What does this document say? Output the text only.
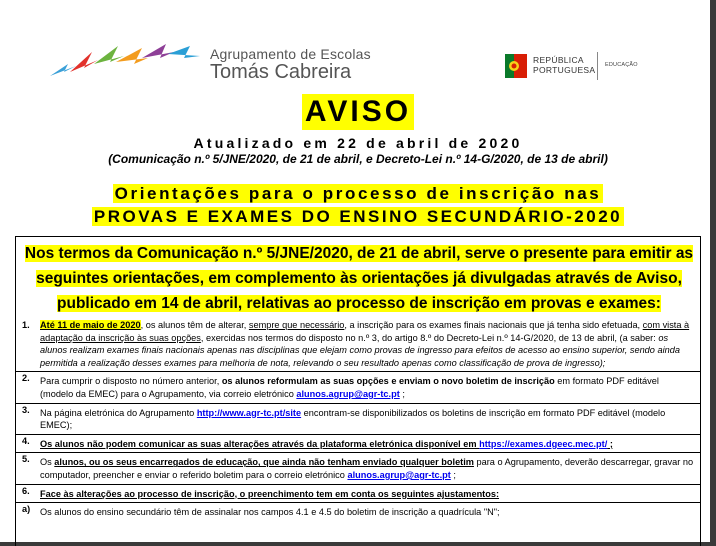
Agrupamento de Escolas
Tomás Cabreira
REPÚBLICA
PORTUGUESA EDUCAÇÃO
AVISO
Atualizado em 22 de abril de 2020
(Comunicação n.º 5/JNE/2020, de 21 de abril, e Decreto-Lei n.º 14-G/2020, de 13 de abril)
Orientações para o processo de inscrição nas
PROVAS E EXAMES DO ENSINO SECUNDÁRIO-2020
Nos termos da Comunicação n.º 5/JNE/2020, de 21 de abril, serve o presente para emitir as
seguintes orientações, em complemento às orientações já divulgadas através de Aviso,
publicado em 14 de abril, relativas ao processo de inscrição em provas e exames:
1. Até 11 de maio de 2020, os alunos têm de alterar, sempre que necessário, a inscrição para os exames finais nacionais que já tenha sido efetuada, com vista à adaptação da inscrição às suas opções, exercidas nos termos do disposto no n.º 3, do artigo 8.º do Decreto-Lei n.º 14-G/2020, de 13 de abril, (a saber: os alunos realizam exames finais nacionais apenas nas disciplinas que elejam como provas de ingresso para efeitos de acesso ao ensino superior, sendo ainda permitida a realização desses exames para melhoria de nota, relevando o seu resultado apenas como classificação de prova de ingresso);
2. Para cumprir o disposto no número anterior, os alunos reformulam as suas opções e enviam o novo boletim de inscrição em formato PDF editável (modelo da EMEC) para o Agrupamento, via correio eletrónico alunos.agrup@agr-tc.pt ;
3. Na página eletrónica do Agrupamento http://www.agr-tc.pt/site encontram-se disponibilizados os boletins de inscrição em formato PDF editável (modelo EMEC);
4. Os alunos não podem comunicar as suas alterações através da plataforma eletrónica disponível em https://exames.dgeec.mec.pt/ ;
5. Os alunos, ou os seus encarregados de educação, que ainda não tenham enviado qualquer boletim para o Agrupamento, deverão descarregar, gravar no computador, preencher e enviar o referido boletim para o correio eletrónico alunos.agrup@agr-tc.pt ;
6. Face às alterações ao processo de inscrição, o preenchimento tem em conta os seguintes ajustamentos:
a) Os alunos do ensino secundário têm de assinalar nos campos 4.1 e 4.5 do boletim de inscrição a quadrícula "N";
